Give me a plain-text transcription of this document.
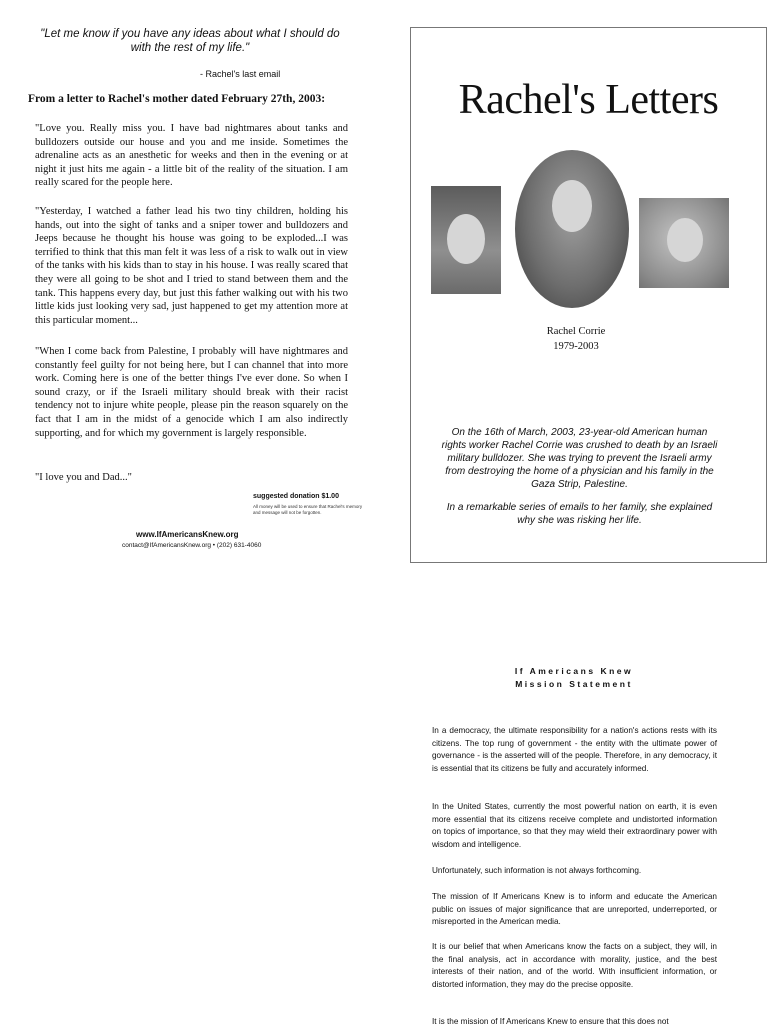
"Let me know if you have any ideas about what I should do with the rest of my life."
- Rachel's last email
From a letter to Rachel's mother dated February 27th, 2003:
"Love you. Really miss you. I have bad nightmares about tanks and bulldozers outside our house and you and me inside. Sometimes the adrenaline acts as an anesthetic for weeks and then in the evening or at night it just hits me again - a little bit of the reality of the situation. I am really scared for the people here.
"Yesterday, I watched a father lead his two tiny children, holding his hands, out into the sight of tanks and a sniper tower and bulldozers and Jeeps because he thought his house was going to be exploded...I was terrified to think that this man felt it was less of a risk to walk out in view of the tanks with his kids than to stay in his house. I was really scared that they were all going to be shot and I tried to stand between them and the tank. This happens every day, but just this father walking out with his two little kids just looking very sad, just happened to get my attention more at this particular moment...
"When I come back from Palestine, I probably will have nightmares and constantly feel guilty for not being here, but I can channel that into more work. Coming here is one of the better things I've ever done. So when I sound crazy, or if the Israeli military should break with their racist tendency not to injure white people, please pin the reason squarely on the fact that I am in the midst of a genocide which I am also indirectly supporting, and for which my government is largely responsible.
"I love you and Dad..."
suggested donation $1.00
All money will be used to ensure that Rachel's memory and message will not be forgotten.
www.IfAmericansKnew.org
contact@IfAmericansKnew.org • (202) 631-4060
Rachel's Letters
Rachel Corrie
1979-2003
On the 16th of March, 2003, 23-year-old American human rights worker Rachel Corrie was crushed to death by an Israeli military bulldozer. She was trying to prevent the Israeli army from destroying the home of a physician and his family in the Gaza Strip, Palestine.
In a remarkable series of emails to her family, she explained why she was risking her life.
If Americans Knew
Mission Statement
In a democracy, the ultimate responsibility for a nation's actions rests with its citizens. The top rung of government - the entity with the ultimate power of governance - is the asserted will of the people. Therefore, in any democracy, it is essential that its citizens be fully and accurately informed.
In the United States, currently the most powerful nation on earth, it is even more essential that its citizens receive complete and undistorted information on topics of importance, so that they may wield their extraordinary power with wisdom and intelligence.
Unfortunately, such information is not always forthcoming.
The mission of If Americans Knew is to inform and educate the American public on issues of major significance that are unreported, underreported, or misreported in the American media.
It is our belief that when Americans know the facts on a subject, they will, in the final analysis, act in accordance with morality, justice, and the best interests of their nation, and of the world. With insufficient information, or distorted information, they may do the precise opposite.
It is the mission of If Americans Knew to ensure that this does not
